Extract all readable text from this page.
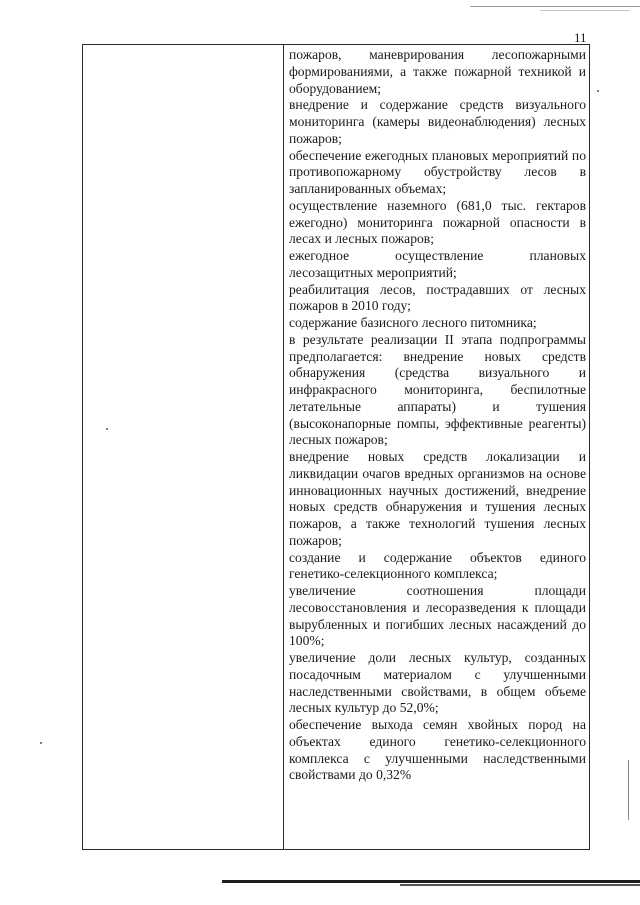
11

пожаров, маневрирования лесопожарными формированиями, а также пожарной техникой и оборудованием;

внедрение и содержание средств визуального мониторинга (камеры видеонаблюдения) лесных пожаров;

обеспечение ежегодных плановых мероприятий по противопожарному обустройству лесов в запланированных объемах;

осуществление наземного (681,0 тыс. гектаров ежегодно) мониторинга пожарной опасности в лесах и лесных пожаров;

ежегодное осуществление плановых лесозащитных мероприятий;

реабилитация лесов, пострадавших от лесных пожаров в 2010 году;

содержание базисного лесного питомника;

в результате реализации II этапа подпрограммы предполагается: внедрение новых средств обнаружения (средства визуального и инфракрасного мониторинга, беспилотные летательные аппараты) и тушения (высоконапорные помпы, эффективные реагенты) лесных пожаров;

внедрение новых средств локализации и ликвидации очагов вредных организмов на основе инновационных научных достижений, внедрение новых средств обнаружения и тушения лесных пожаров, а также технологий тушения лесных пожаров;

создание и содержание объектов единого генетико-селекционного комплекса;

увеличение соотношения площади лесовосстановления и лесоразведения к площади вырубленных и погибших лесных насаждений до 100%;

увеличение доли лесных культур, созданных посадочным материалом с улучшенными наследственными свойствами, в общем объеме лесных культур до 52,0%;

обеспечение выхода семян хвойных пород на объектах единого генетико-селекционного комплекса с улучшенными наследственными свойствами до 0,32%
